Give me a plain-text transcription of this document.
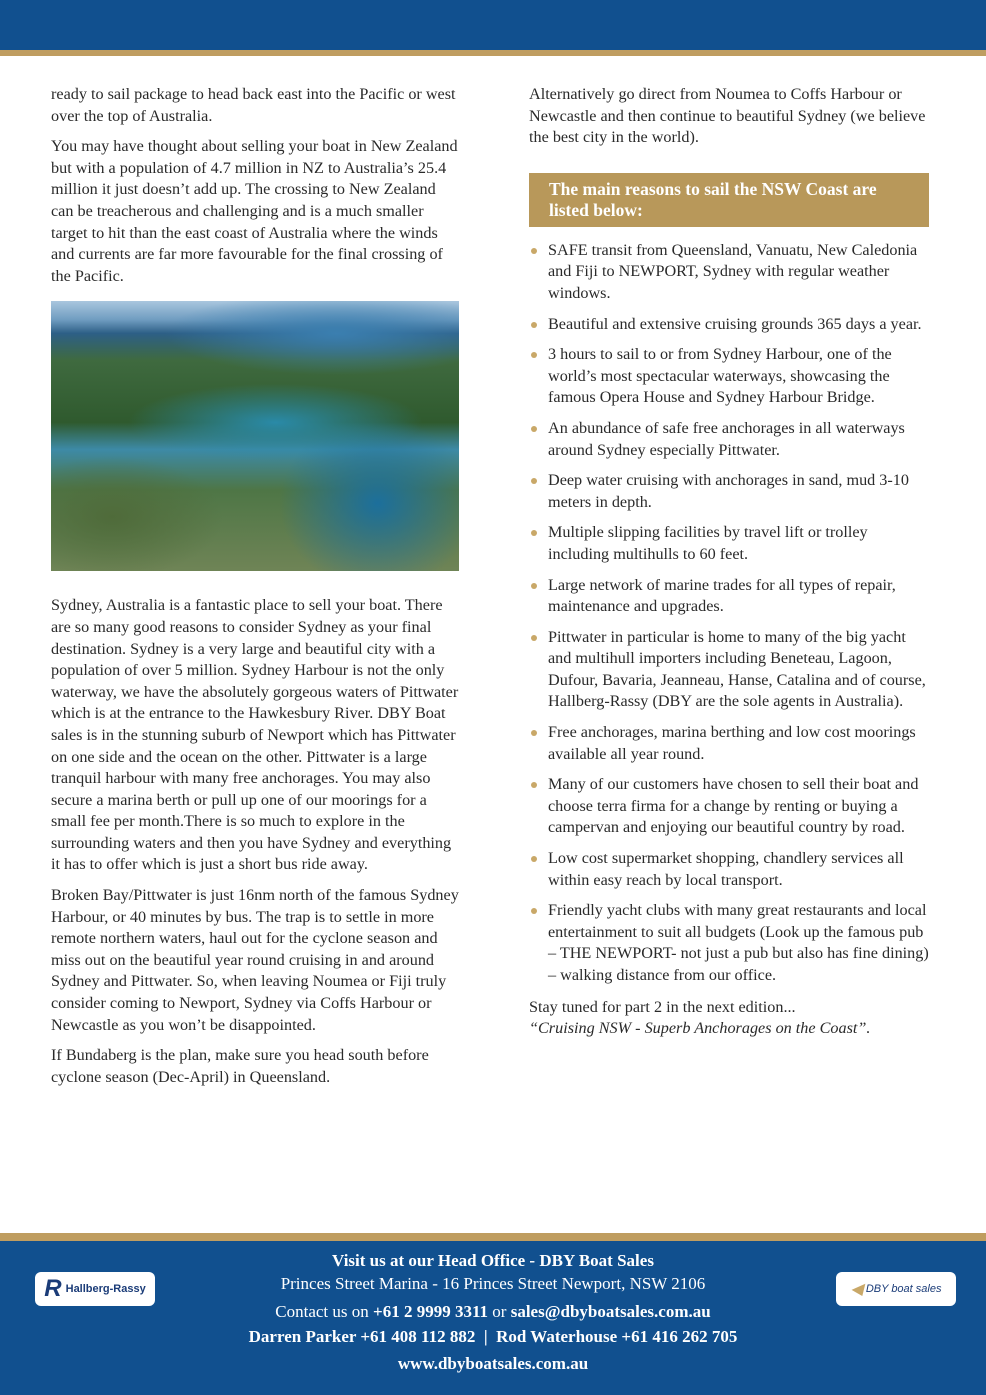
ready to sail package to head back east into the Pacific or west over the top of Australia.

You may have thought about selling your boat in New Zealand but with a population of 4.7 million in NZ to Australia’s 25.4 million it just doesn’t add up. The crossing to New Zealand can be treacherous and challenging and is a much smaller target to hit than the east coast of Australia where the winds and currents are far more favourable for the final crossing of the Pacific.

Sydney, Australia is a fantastic place to sell your boat. There are so many good reasons to consider Sydney as your final destination. Sydney is a very large and beautiful city with a population of over 5 million. Sydney Harbour is not the only waterway, we have the absolutely gorgeous waters of Pittwater which is at the entrance to the Hawkesbury River. DBY Boat sales is in the stunning suburb of Newport which has Pittwater on one side and the ocean on the other. Pittwater is a large tranquil harbour with many free anchorages. You may also secure a marina berth or pull up one of our moorings for a small fee per month.There is so much to explore in the surrounding waters and then you have Sydney and everything it has to offer which is just a short bus ride away.

Broken Bay/Pittwater is just 16nm north of the famous Sydney Harbour, or 40 minutes by bus. The trap is to settle in more remote northern waters, haul out for the cyclone season and miss out on the beautiful year round cruising in and around Sydney and Pittwater. So, when leaving Noumea or Fiji truly consider coming to Newport, Sydney via Coffs Harbour or Newcastle as you won’t be disappointed.

If Bundaberg is the plan, make sure you head south before cyclone season (Dec-April) in Queensland.

Alternatively go direct from Noumea to Coffs Harbour or Newcastle and then continue to beautiful Sydney (we believe the best city in the world).

The main reasons to sail the NSW Coast are listed below:
SAFE transit from Queensland, Vanuatu, New Caledonia and Fiji to NEWPORT, Sydney with regular weather windows.
Beautiful and extensive cruising grounds 365 days a year.
3 hours to sail to or from Sydney Harbour, one of the world’s most spectacular waterways, showcasing the famous Opera House and Sydney Harbour Bridge.
An abundance of safe free anchorages in all waterways around Sydney especially Pittwater.
Deep water cruising with anchorages in sand, mud 3-10 meters in depth.
Multiple slipping facilities by travel lift or trolley including multihulls to 60 feet.
Large network of marine trades for all types of repair, maintenance and upgrades.
Pittwater in particular is home to many of the big yacht and multihull importers including Beneteau, Lagoon, Dufour, Bavaria, Jeanneau, Hanse, Catalina and of course, Hallberg-Rassy (DBY are the sole agents in Australia).
Free anchorages, marina berthing and low cost moorings available all year round.
Many of our customers have chosen to sell their boat and choose terra firma for a change by renting or buying a campervan and enjoying our beautiful country by road.
Low cost supermarket shopping, chandlery services all within easy reach by local transport.
Friendly yacht clubs with many great restaurants and local entertainment to suit all budgets (Look up the famous pub – THE NEWPORT- not just a pub but also has fine dining) – walking distance from our office.
Stay tuned for part 2 in the next edition...
“Cruising NSW - Superb Anchorages on the Coast”.
Visit us at our Head Office - DBY Boat Sales
Princes Street Marina - 16 Princes Street Newport, NSW 2106
Contact us on +61 2 9999 3311 or sales@dbyboatsales.com.au
Darren Parker +61 408 112 882  |  Rod Waterhouse +61 416 262 705
www.dbyboatsales.com.au
R Hallberg-Rassy	◀ DBY boat sales
